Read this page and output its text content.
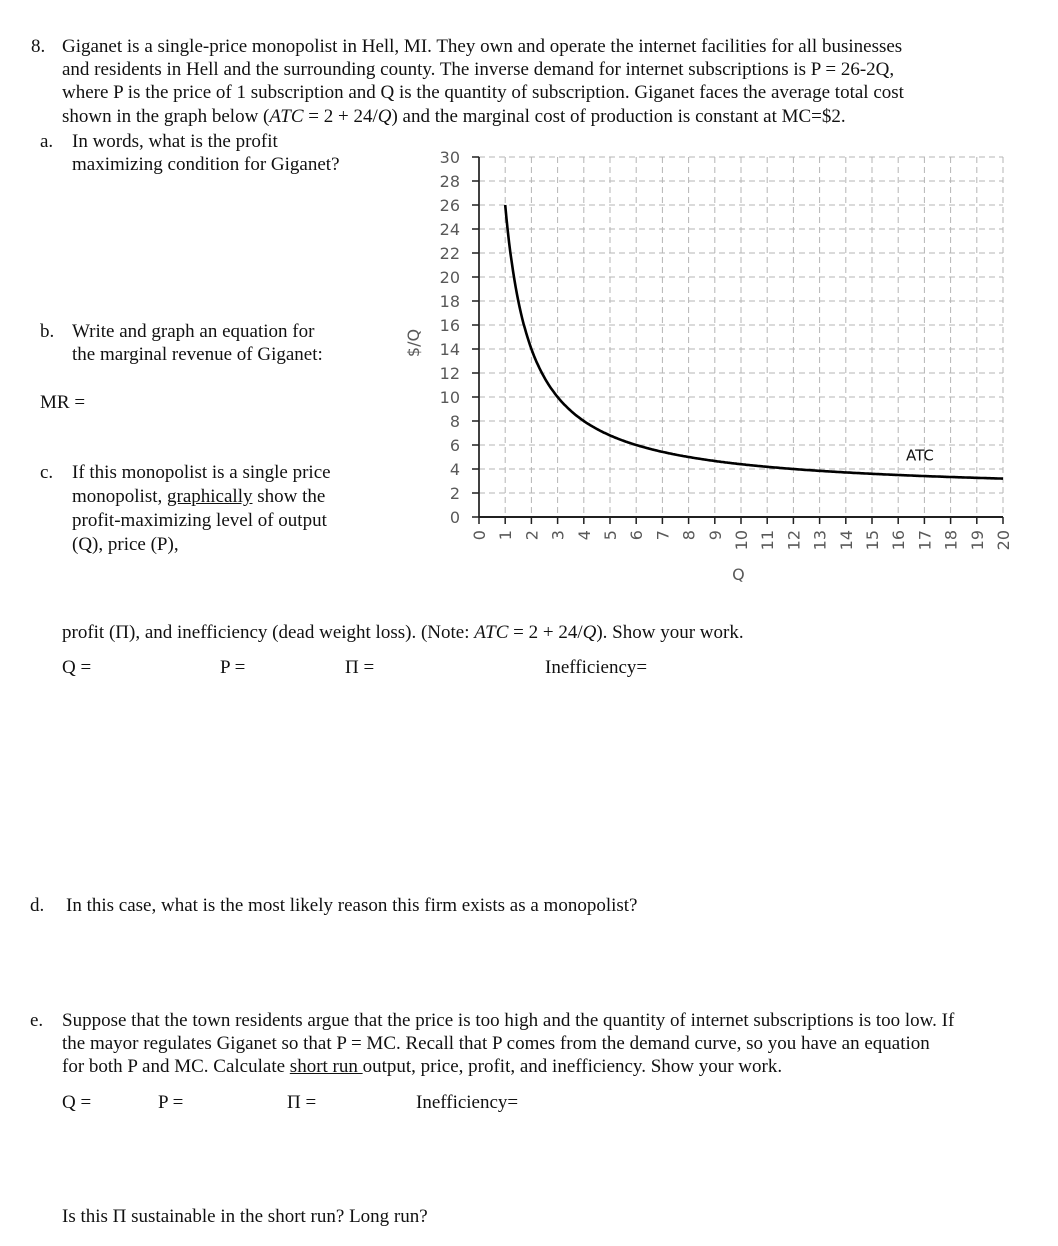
8. Giganet is a single-price monopolist in Hell, MI. They own and operate the internet facilities for all businesses
and residents in Hell and the surrounding county. The inverse demand for internet subscriptions is P = 26-2Q,
where P is the price of 1 subscription and Q is the quantity of subscription. Giganet faces the average total cost
shown in the graph below (ATC = 2 + 24/Q) and the marginal cost of production is constant at MC=$2.
a. In words, what is the profit
maximizing condition for Giganet?
b. Write and graph an equation for
the marginal revenue of Giganet:
MR =
c. If this monopolist is a single price
monopolist, graphically show the
profit-maximizing level of output
(Q), price (P),
profit (Π), and inefficiency (dead weight loss). (Note: ATC = 2 + 24/Q). Show your work.
Q =	P =	Π =	Inefficiency=
d. In this case, what is the most likely reason this firm exists as a monopolist?
e. Suppose that the town residents argue that the price is too high and the quantity of internet subscriptions is too low. If
the mayor regulates Giganet so that P = MC. Recall that P comes from the demand curve, so you have an equation
for both P and MC. Calculate short run output, price, profit, and inefficiency. Show your work.
Q =	P =	Π =	Inefficiency=
Is this Π sustainable in the short run? Long run?
0
2
4
6
8
10
12
14
16
18
20
22
24
26
28
30
0 1 2 3 4 5 6 7 8 9 10 11 12 13 14 15 16 17 18 19 20
ATC
$/Q
Q
